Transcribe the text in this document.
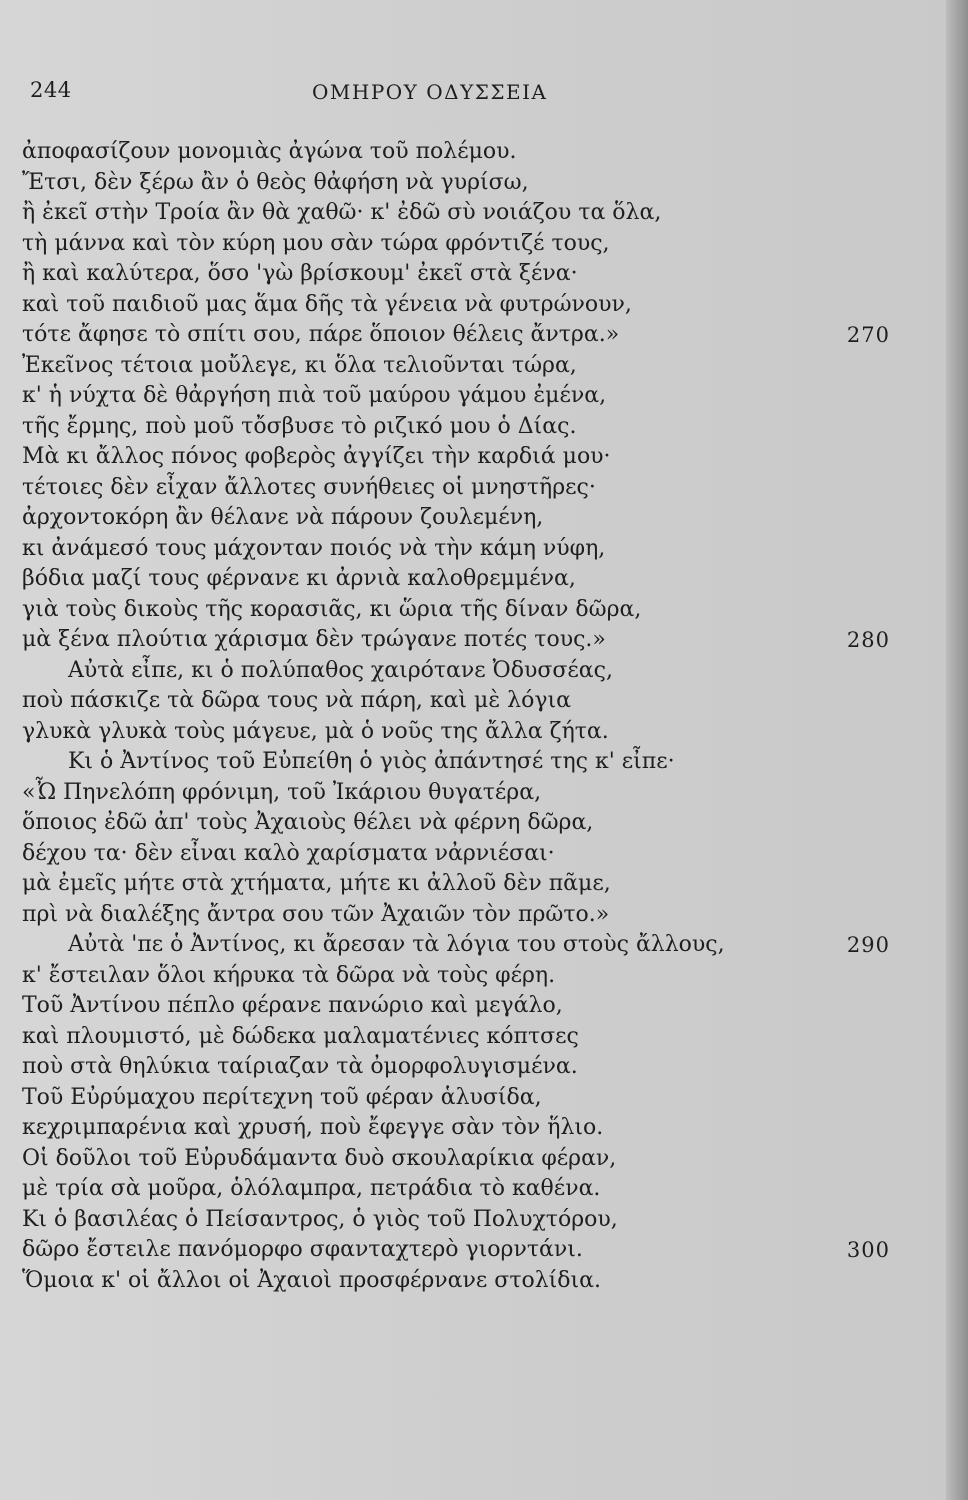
244	ΟΜΗΡΟΥ ΟΔΥΣΣΕΙΑ
ἀποφασίζουν μονομιὰς ἀγώνα τοῦ πολέμου.
Ἔτσι, δὲν ξέρω ἂν ὁ θεὸς θἀφήση νὰ γυρίσω,
ἢ ἐκεῖ στὴν Τροία ἂν θὰ χαθῶ· κ' ἐδῶ σὺ νοιάζου τα ὅλα,
τὴ μάννα καὶ τὸν κύρη μου σὰν τώρα φρόντιζέ τους,
ἢ καὶ καλύτερα, ὅσο 'γὼ βρίσκουμ' ἐκεῖ στὰ ξένα·
καὶ τοῦ παιδιοῦ μας ἅμα δῆς τὰ γένεια νὰ φυτρώνουν,
τότε ἄφησε τὸ σπίτι σου, πάρε ὅποιον θέλεις ἄντρα.»	270
Ἐκεῖνος τέτοια μοὔλεγε, κι ὅλα τελιοῦνται τώρα,
κ' ἡ νύχτα δὲ θἀργήση πιὰ τοῦ μαύρου γάμου ἐμένα,
τῆς ἔρμης, ποὺ μοῦ τὄσβυσε τὸ ριζικό μου ὁ Δίας.
Μὰ κι ἄλλος πόνος φοβερὸς ἀγγίζει τὴν καρδιά μου·
τέτοιες δὲν εἶχαν ἄλλοτες συνήθειες οἱ μνηστῆρες·
ἀρχοντοκόρη ἂν θέλανε νὰ πάρουν ζουλεμένη,
κι ἀνάμεσό τους μάχονταν ποιός νὰ τὴν κάμη νύφη,
βόδια μαζί τους φέρνανε κι ἀρνιὰ καλοθρεμμένα,
γιὰ τοὺς δικοὺς τῆς κορασιᾶς, κι ὥρια τῆς δίναν δῶρα,
μὰ ξένα πλούτια χάρισμα δὲν τρώγανε ποτές τους.»	280
Αὐτὰ εἶπε, κι ὁ πολύπαθος χαιρότανε Ὀδυσσέας,
ποὺ πάσκιζε τὰ δῶρα τους νὰ πάρη, καὶ μὲ λόγια
γλυκὰ γλυκὰ τοὺς μάγευε, μὰ ὁ νοῦς της ἄλλα ζήτα.
Κι ὁ Ἀντίνος τοῦ Εὐπείθη ὁ γιὸς ἀπάντησέ της κ' εἶπε·
«Ὦ Πηνελόπη φρόνιμη, τοῦ Ἰκάριου θυγατέρα,
ὅποιος ἐδῶ ἀπ' τοὺς Ἀχαιοὺς θέλει νὰ φέρνη δῶρα,
δέχου τα· δὲν εἶναι καλὸ χαρίσματα νἀρνιέσαι·
μὰ ἐμεῖς μήτε στὰ χτήματα, μήτε κι ἀλλοῦ δὲν πᾶμε,
πρὶ νὰ διαλέξης ἄντρα σου τῶν Ἀχαιῶν τὸν πρῶτο.»
Αὐτὰ 'πε ὁ Ἀντίνος, κι ἄρεσαν τὰ λόγια του στοὺς ἄλλους,	290
κ' ἔστειλαν ὅλοι κήρυκα τὰ δῶρα νὰ τοὺς φέρη.
Τοῦ Ἀντίνου πέπλο φέρανε πανώριο καὶ μεγάλο,
καὶ πλουμιστό, μὲ δώδεκα μαλαματένιες κόπτσες
ποὺ στὰ θηλύκια ταίριαζαν τὰ ὀμορφολυγισμένα.
Τοῦ Εὐρύμαχου περίτεχνη τοῦ φέραν ἁλυσίδα,
κεχριμπαρένια καὶ χρυσή, ποὺ ἔφεγγε σὰν τὸν ἥλιο.
Οἱ δοῦλοι τοῦ Εὐρυδάμαντα δυὸ σκουλαρίκια φέραν,
μὲ τρία σὰ μοῦρα, ὁλόλαμπρα, πετράδια τὸ καθένα.
Κι ὁ βασιλέας ὁ Πείσαντρος, ὁ γιὸς τοῦ Πολυχτόρου,
δῶρο ἔστειλε πανόμορφο σφανταχτερὸ γιορντάνι.	300
Ὅμοια κ' οἱ ἄλλοι οἱ Ἀχαιοὶ προσφέρνανε στολίδια.
